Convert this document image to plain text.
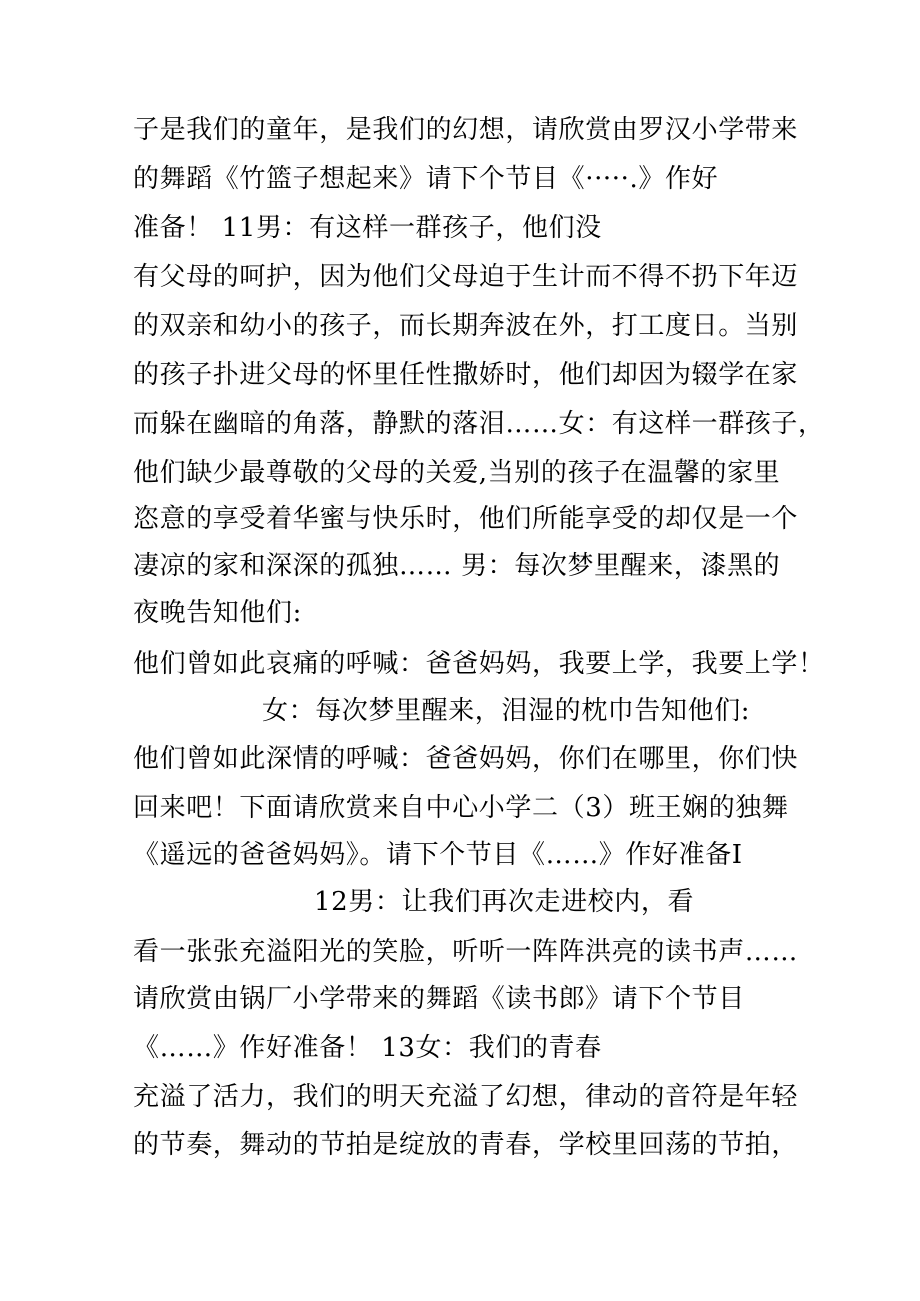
子是我们的童年，是我们的幻想，请欣赏由罗汉小学带来
的舞蹈《竹篮子想起来》请下个节目《·····.》作好
准备！ 11男：有这样一群孩子，他们没
有父母的呵护，因为他们父母迫于生计而不得不扔下年迈
的双亲和幼小的孩子，而长期奔波在外，打工度日。当别
的孩子扑进父母的怀里任性撒娇时，他们却因为辍学在家
而躲在幽暗的角落，静默的落泪……女：有这样一群孩子，
他们缺少最尊敬的父母的关爱,当别的孩子在温馨的家里
恣意的享受着华蜜与快乐时，他们所能享受的却仅是一个
凄凉的家和深深的孤独…… 男：每次梦里醒来，漆黑的
夜晚告知他们:
他们曾如此哀痛的呼喊：爸爸妈妈，我要上学，我要上学！
女：每次梦里醒来，泪湿的枕巾告知他们:
他们曾如此深情的呼喊：爸爸妈妈，你们在哪里，你们快
回来吧！下面请欣赏来自中心小学二（3）班王娴的独舞
《遥远的爸爸妈妈》。请下个节目《……》作好准备I
12男：让我们再次走进校内，看
看一张张充溢阳光的笑脸，听听一阵阵洪亮的读书声……
请欣赏由锅厂小学带来的舞蹈《读书郎》请下个节目
《……》作好准备！ 13女：我们的青春
充溢了活力，我们的明天充溢了幻想，律动的音符是年轻
的节奏，舞动的节拍是绽放的青春，学校里回荡的节拍，
